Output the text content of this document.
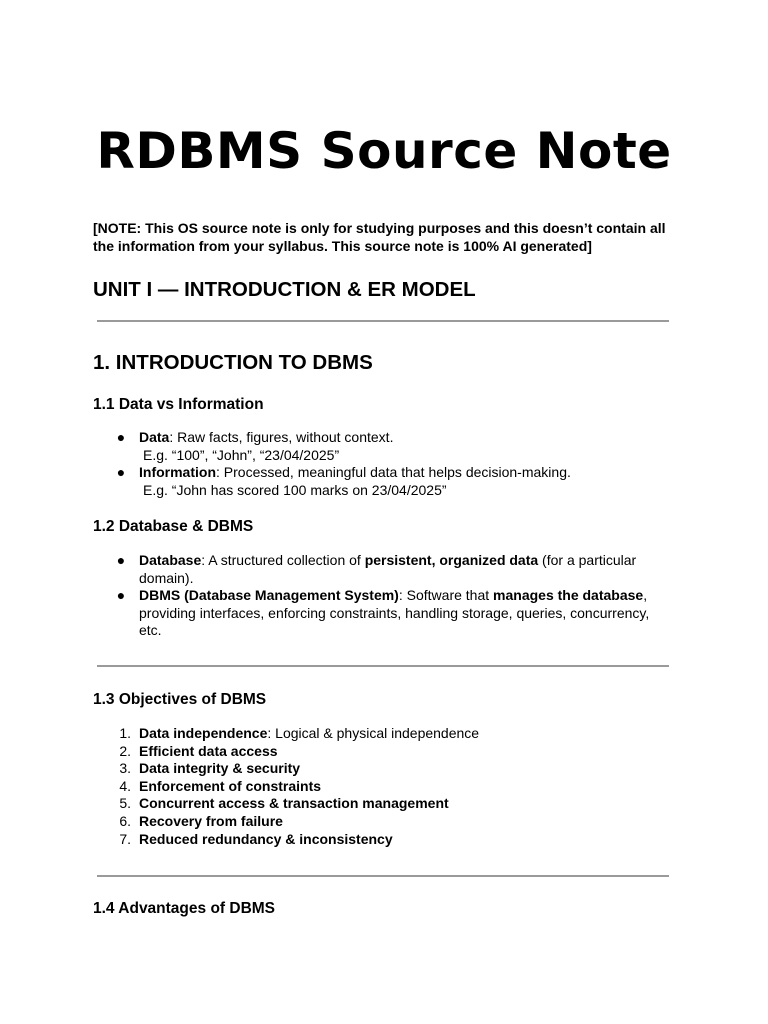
RDBMS Source Note

[NOTE: This OS source note is only for studying purposes and this doesn’t contain all the information from your syllabus. This source note is 100% AI generated]

UNIT I — INTRODUCTION & ER MODEL
1. INTRODUCTION TO DBMS
1.1 Data vs Information
● Data: Raw facts, figures, without context.
E.g. “100”, “John”, “23/04/2025”
● Information: Processed, meaningful data that helps decision-making.
E.g. “John has scored 100 marks on 23/04/2025”
1.2 Database & DBMS
● Database: A structured collection of persistent, organized data (for a particular domain).
● DBMS (Database Management System): Software that manages the database, providing interfaces, enforcing constraints, handling storage, queries, concurrency, etc.
1.3 Objectives of DBMS
1. Data independence: Logical & physical independence
2. Efficient data access
3. Data integrity & security
4. Enforcement of constraints
5. Concurrent access & transaction management
6. Recovery from failure
7. Reduced redundancy & inconsistency
1.4 Advantages of DBMS
